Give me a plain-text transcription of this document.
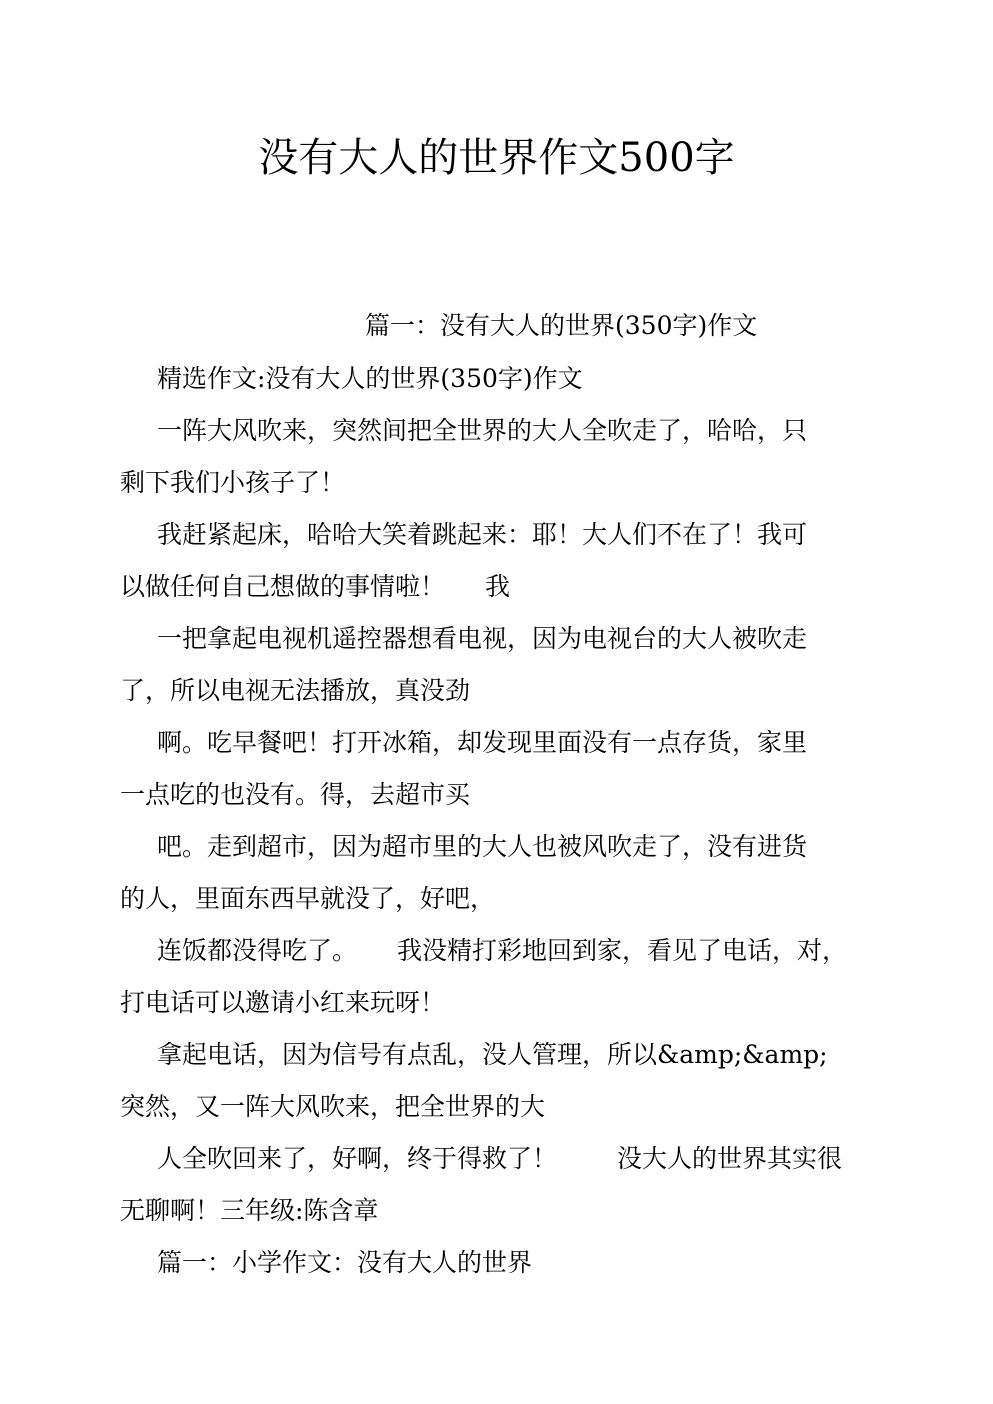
没有大人的世界作文500字
篇一：没有大人的世界(350字)作文
精选作文:没有大人的世界(350字)作文
一阵大风吹来，突然间把全世界的大人全吹走了，哈哈，只
剩下我们小孩子了！
我赶紧起床，哈哈大笑着跳起来：耶！大人们不在了！我可
以做任何自己想做的事情啦！ 我
一把拿起电视机遥控器想看电视，因为电视台的大人被吹走
了，所以电视无法播放，真没劲
啊。吃早餐吧！打开冰箱，却发现里面没有一点存货，家里
一点吃的也没有。得，去超市买
吧。走到超市，因为超市里的大人也被风吹走了，没有进货
的人，里面东西早就没了，好吧，
连饭都没得吃了。 我没精打彩地回到家，看见了电话，对，
打电话可以邀请小红来玩呀！
拿起电话，因为信号有点乱，没人管理，所以&amp;&amp;
突然，又一阵大风吹来，把全世界的大
人全吹回来了，好啊，终于得救了！ 没大人的世界其实很
无聊啊！三年级:陈含章
篇一：小学作文：没有大人的世界
